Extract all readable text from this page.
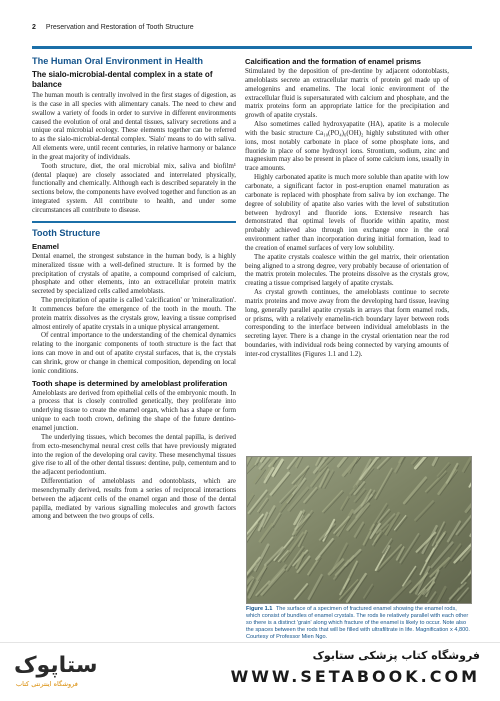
2 Preservation and Restoration of Tooth Structure
The Human Oral Environment in Health
The sialo-microbial-dental complex in a state of balance

The human mouth is centrally involved in the first stages of digestion, as is the case in all species with alimentary canals. The need to chew and swallow a variety of foods in order to survive in different environments caused the evolution of oral and dental tissues, salivary secretions and a unique oral microbial ecology. These elements together can be referred to as the sialo-microbial-dental complex. 'Sialo' means to do with saliva. All elements were, until recent centuries, in relative harmony or balance in the great majority of individuals.

Tooth structure, diet, the oral microbial mix, saliva and biofilm¹ (dental plaque) are closely associated and interrelated physically, functionally and chemically. Although each is described separately in the sections below, the components have evolved together and function as an integrated system. All contribute to health, and under some circumstances all contribute to disease.

Tooth Structure
Enamel

Dental enamel, the strongest substance in the human body, is a highly mineralized tissue with a well-defined structure. It is formed by the precipitation of crystals of apatite, a compound comprised of calcium, phosphate and other elements, into an extracellular protein matrix secreted by specialized cells called ameloblasts.

The precipitation of apatite is called 'calcification' or 'mineralization'. It commences before the emergence of the tooth in the mouth. The protein matrix dissolves as the crystals grow, leaving a tissue comprised almost entirely of apatite crystals in a unique physical arrangement.

Of central importance to the understanding of the chemical dynamics relating to the inorganic components of tooth structure is the fact that ions can move in and out of apatite crystal surfaces, that is, the crystals can shrink, grow or change in chemical composition, depending on local ionic conditions.

Tooth shape is determined by ameloblast proliferation

Ameloblasts are derived from epithelial cells of the embryonic mouth. In a process that is closely controlled genetically, they proliferate into underlying tissue to create the enamel organ, which has a shape or form unique to each tooth crown, defining the shape of the future dentino-enamel junction.

The underlying tissues, which becomes the dental papilla, is derived from ecto-mesenchymal neural crest cells that have previously migrated into the region of the developing oral cavity. These mesenchymal tissues give rise to all of the other dental tissues: dentine, pulp, cementum and to the adjacent periodontium.

Differentiation of ameloblasts and odontoblasts, which are mesenchymally derived, results from a series of reciprocal interactions between the adjacent cells of the enamel organ and those of the dental papilla, mediated by various signalling molecules and growth factors among and between the two groups of cells.

Calcification and the formation of enamel prisms

Stimulated by the deposition of pre-dentine by adjacent odontoblasts, ameloblasts secrete an extracellular matrix of protein gel made up of amelogenins and enamelins. The local ionic environment of the extracellular fluid is supersaturated with calcium and phosphate, and the matrix proteins form an appropriate lattice for the precipitation and growth of apatite crystals.

Also sometimes called hydroxyapatite (HA), apatite is a molecule with the basic structure Ca₁₀(PO₄)₆(OH)₂ highly substituted with other ions, most notably carbonate in place of some phosphate ions, and fluoride in place of some hydroxyl ions. Strontium, sodium, zinc and magnesium may also be present in place of some calcium ions, usually in trace amounts.

Highly carbonated apatite is much more soluble than apatite with low carbonate, a significant factor in post-eruption enamel maturation as carbonate is replaced with phosphate from saliva by ion exchange. The degree of solubility of apatite also varies with the level of substitution between hydroxyl and fluoride ions. Extensive research has demonstrated that optimal levels of fluoride within apatite, most probably achieved also through ion exchange once in the oral environment rather than incorporation during initial formation, lead to the creation of enamel surfaces of very low solubility.

The apatite crystals coalesce within the gel matrix, their orientation being aligned to a strong degree, very probably because of orientation of the matrix protein molecules. The proteins dissolve as the crystals grow, creating a tissue comprised largely of apatite crystals.

As crystal growth continues, the ameloblasts continue to secrete matrix proteins and move away from the developing hard tissue, leaving long, generally parallel apatite crystals in arrays that form enamel rods, or prisms, with a relatively enamelin-rich boundary layer between rods corresponding to the interface between individual ameloblasts in the secreting layer. There is a change in the crystal orientation near the rod boundaries, with individual rods being connected by varying amounts of inter-rod crystallites (Figures 1.1 and 1.2).

Figure 1.1 The surface of a specimen of fractured enamel showing the enamel rods, which consist of bundles of enamel crystals. The rods lie relatively parallel with each other so there is a distinct 'grain' along which fracture of the enamel is likely to occur. Note also the spaces between the rods that will be filled with ultrafiltrate in life. Magnification x 4,800. Courtesy of Professor Mien Ngo.
ستاپوک
فروشگاه اینترنتی کتاب
فروشگاه کتاب پزشکی ستابوک
WWW.SETABOOK.COM
